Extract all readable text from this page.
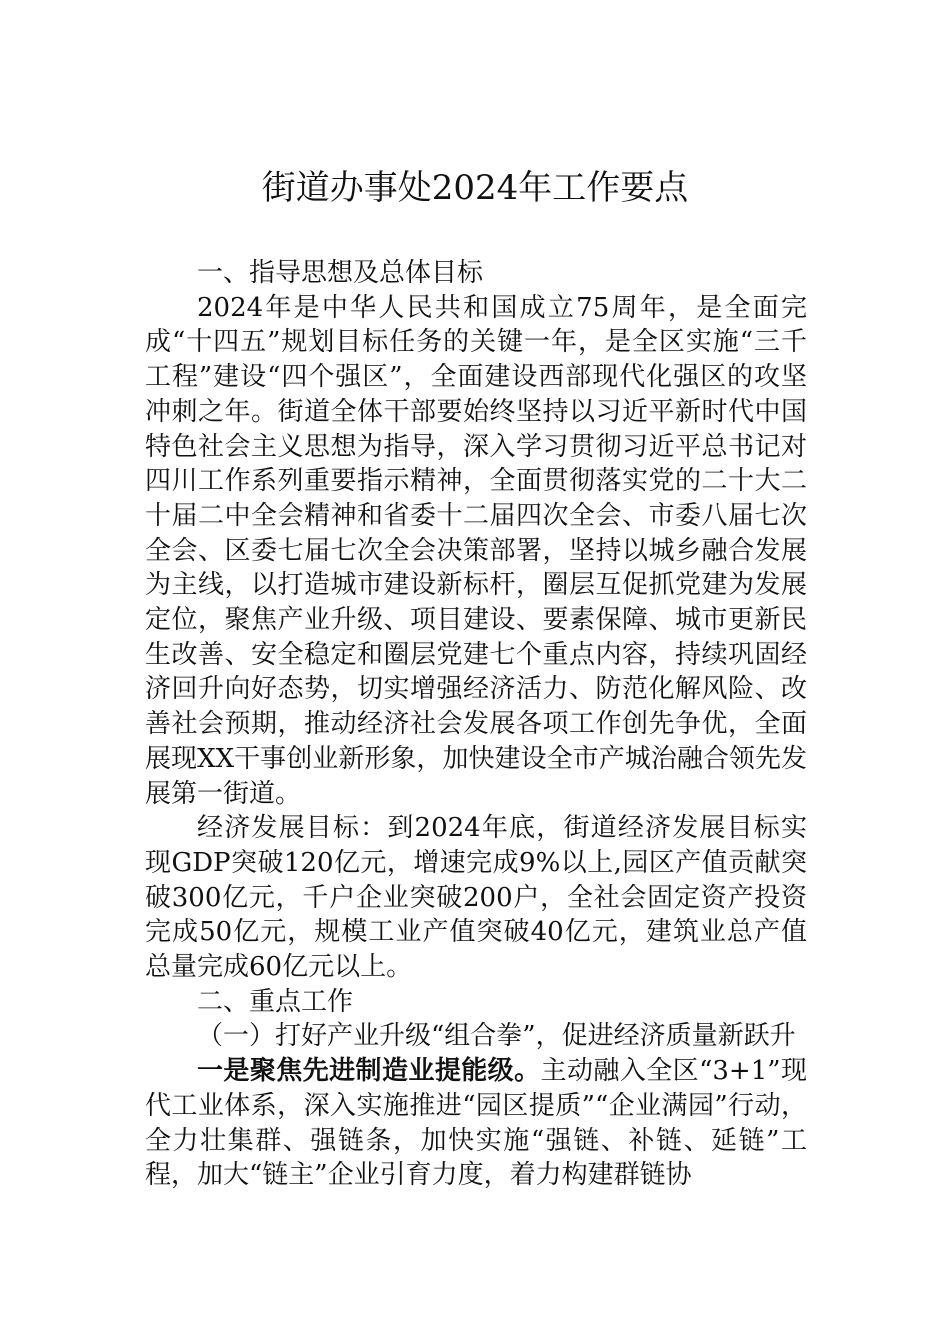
街道办事处2024年工作要点

一、指导思想及总体目标

2024年是中华人民共和国成立75周年，是全面完成“十四五”规划目标任务的关键一年，是全区实施“三千工程”建设“四个强区”，全面建设西部现代化强区的攻坚冲刺之年。街道全体干部要始终坚持以习近平新时代中国特色社会主义思想为指导，深入学习贯彻习近平总书记对四川工作系列重要指示精神，全面贯彻落实党的二十大二十届二中全会精神和省委十二届四次全会、市委八届七次全会、区委七届七次全会决策部署，坚持以城乡融合发展为主线，以打造城市建设新标杆，圈层互促抓党建为发展定位，聚焦产业升级、项目建设、要素保障、城市更新民生改善、安全稳定和圈层党建七个重点内容，持续巩固经济回升向好态势，切实增强经济活力、防范化解风险、改善社会预期，推动经济社会发展各项工作创先争优，全面展现XX干事创业新形象，加快建设全市产城治融合领先发展第一街道。

经济发展目标：到2024年底，街道经济发展目标实现GDP突破120亿元，增速完成9%以上,园区产值贡献突破300亿元，千户企业突破200户，全社会固定资产投资完成50亿元，规模工业产值突破40亿元，建筑业总产值总量完成60亿元以上。

二、重点工作

（一）打好产业升级“组合拳”，促进经济质量新跃升

一是聚焦先进制造业提能级。主动融入全区“3+1”现代工业体系，深入实施推进“园区提质”“企业满园”行动，全力壮集群、强链条，加快实施“强链、补链、延链”工程，加大“链主”企业引育力度，着力构建群链协
